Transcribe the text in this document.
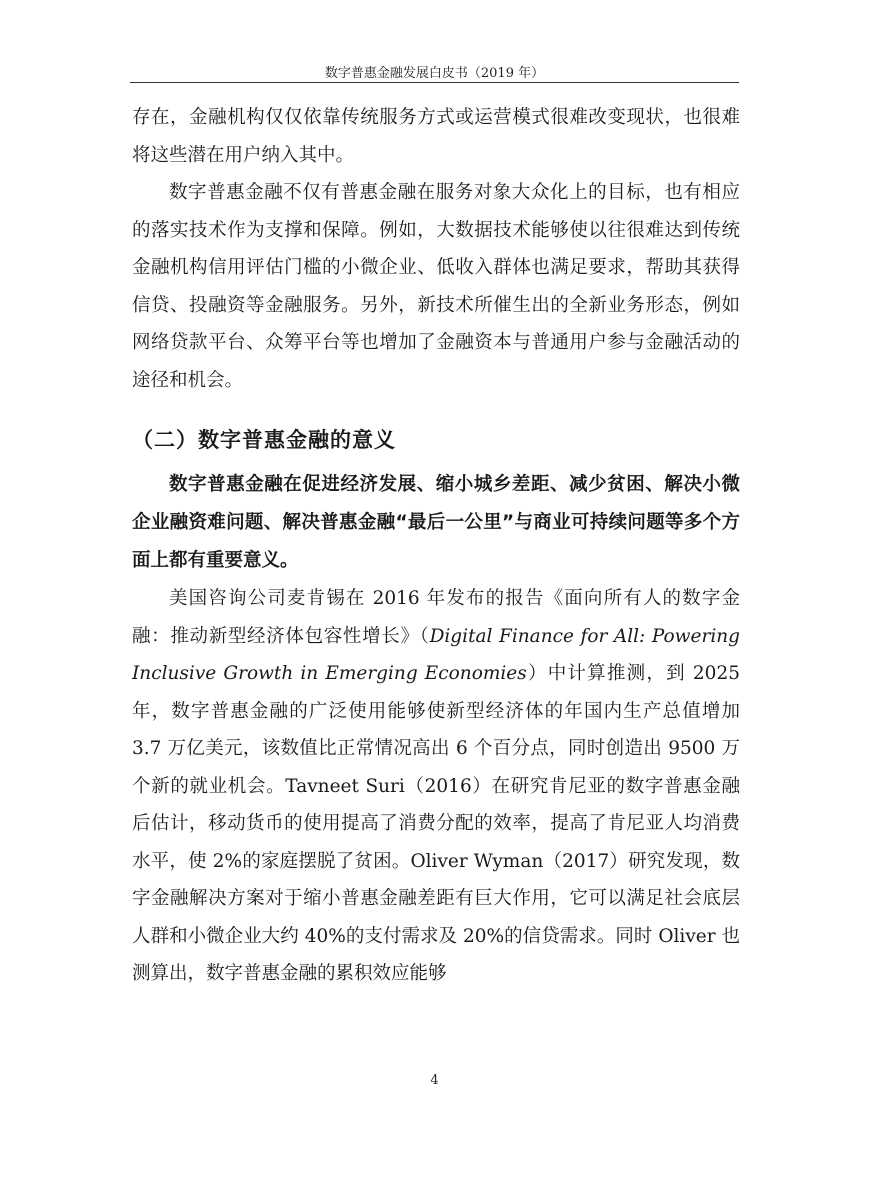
数字普惠金融发展白皮书（2019 年）

存在，金融机构仅仅依靠传统服务方式或运营模式很难改变现状，也很难将这些潜在用户纳入其中。

数字普惠金融不仅有普惠金融在服务对象大众化上的目标，也有相应的落实技术作为支撑和保障。例如，大数据技术能够使以往很难达到传统金融机构信用评估门槛的小微企业、低收入群体也满足要求，帮助其获得信贷、投融资等金融服务。另外，新技术所催生出的全新业务形态，例如网络贷款平台、众筹平台等也增加了金融资本与普通用户参与金融活动的途径和机会。

（二）数字普惠金融的意义

数字普惠金融在促进经济发展、缩小城乡差距、减少贫困、解决小微企业融资难问题、解决普惠金融“最后一公里”与商业可持续问题等多个方面上都有重要意义。

美国咨询公司麦肯锡在 2016 年发布的报告《面向所有人的数字金融：推动新型经济体包容性增长》（Digital Finance for All: Powering Inclusive Growth in Emerging Economies）中计算推测，到 2025 年，数字普惠金融的广泛使用能够使新型经济体的年国内生产总值增加 3.7 万亿美元，该数值比正常情况高出 6 个百分点，同时创造出 9500 万个新的就业机会。Tavneet Suri（2016）在研究肯尼亚的数字普惠金融后估计，移动货币的使用提高了消费分配的效率，提高了肯尼亚人均消费水平，使 2%的家庭摆脱了贫困。Oliver Wyman（2017）研究发现，数字金融解决方案对于缩小普惠金融差距有巨大作用，它可以满足社会底层人群和小微企业大约 40%的支付需求及 20%的信贷需求。同时 Oliver 也测算出，数字普惠金融的累积效应能够

4
